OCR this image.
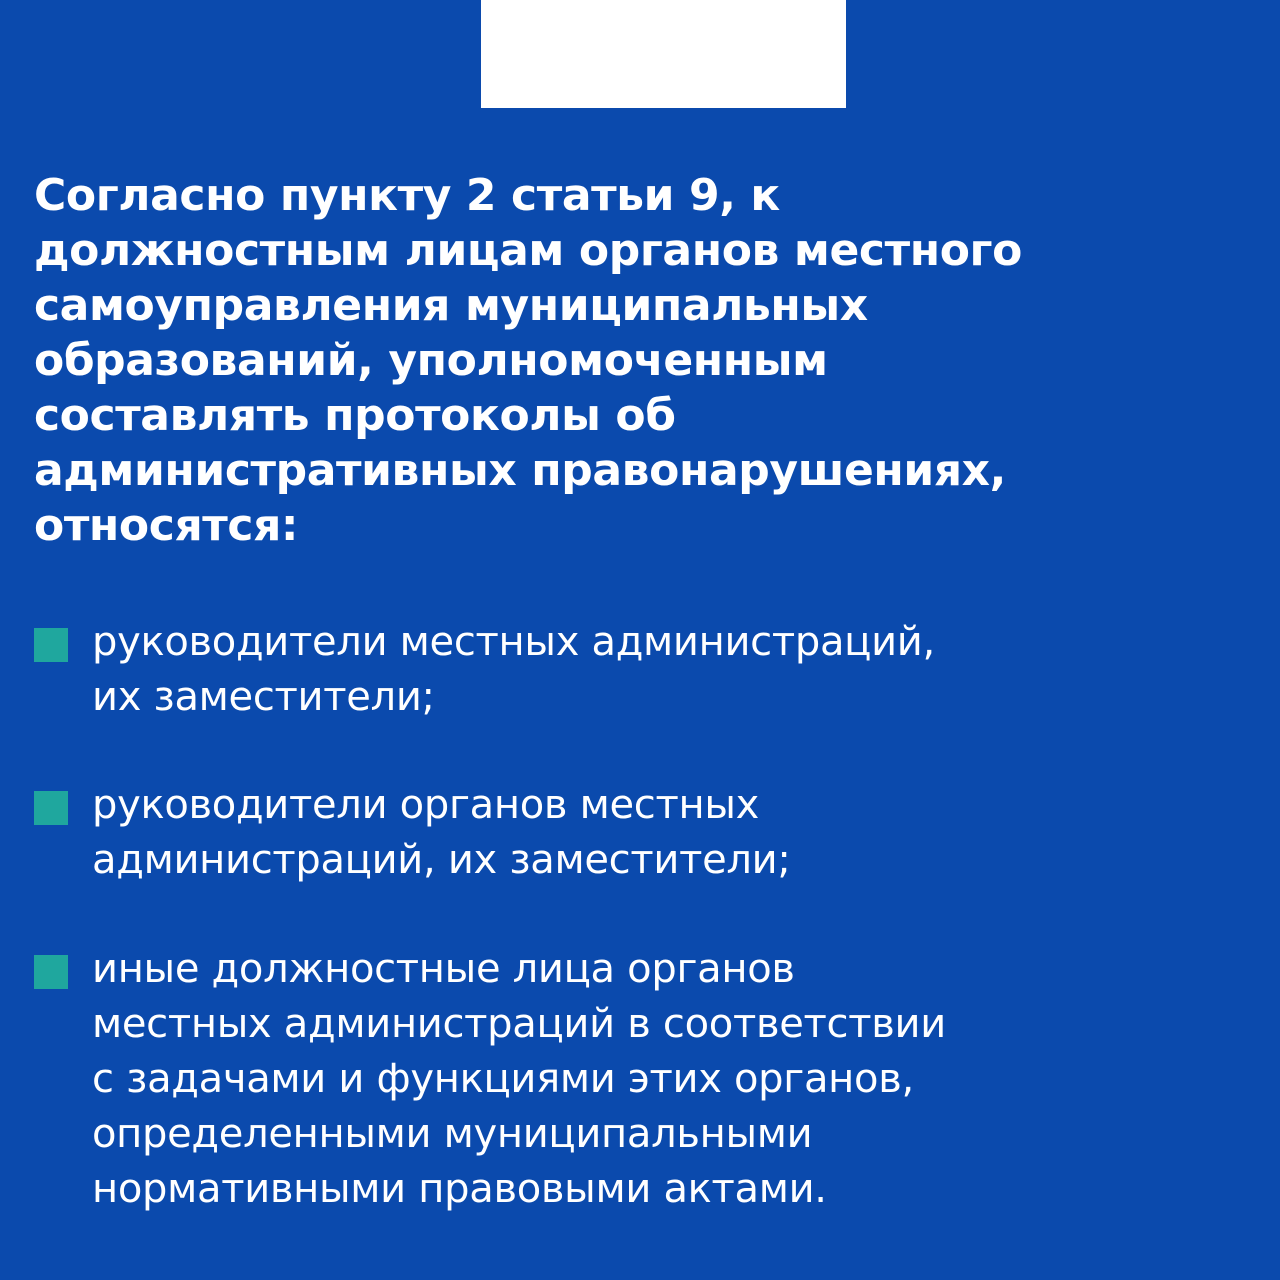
Согласно пункту 2 статьи 9, к
должностным лицам органов местного
самоуправления муниципальных
образований, уполномоченным
составлять протоколы об
административных правонарушениях,
относятся:
руководители местных администраций,
их заместители;
руководители органов местных
администраций, их заместители;
иные должностные лица органов
местных администраций в соответствии
с задачами и функциями этих органов,
определенными муниципальными
нормативными правовыми актами.
